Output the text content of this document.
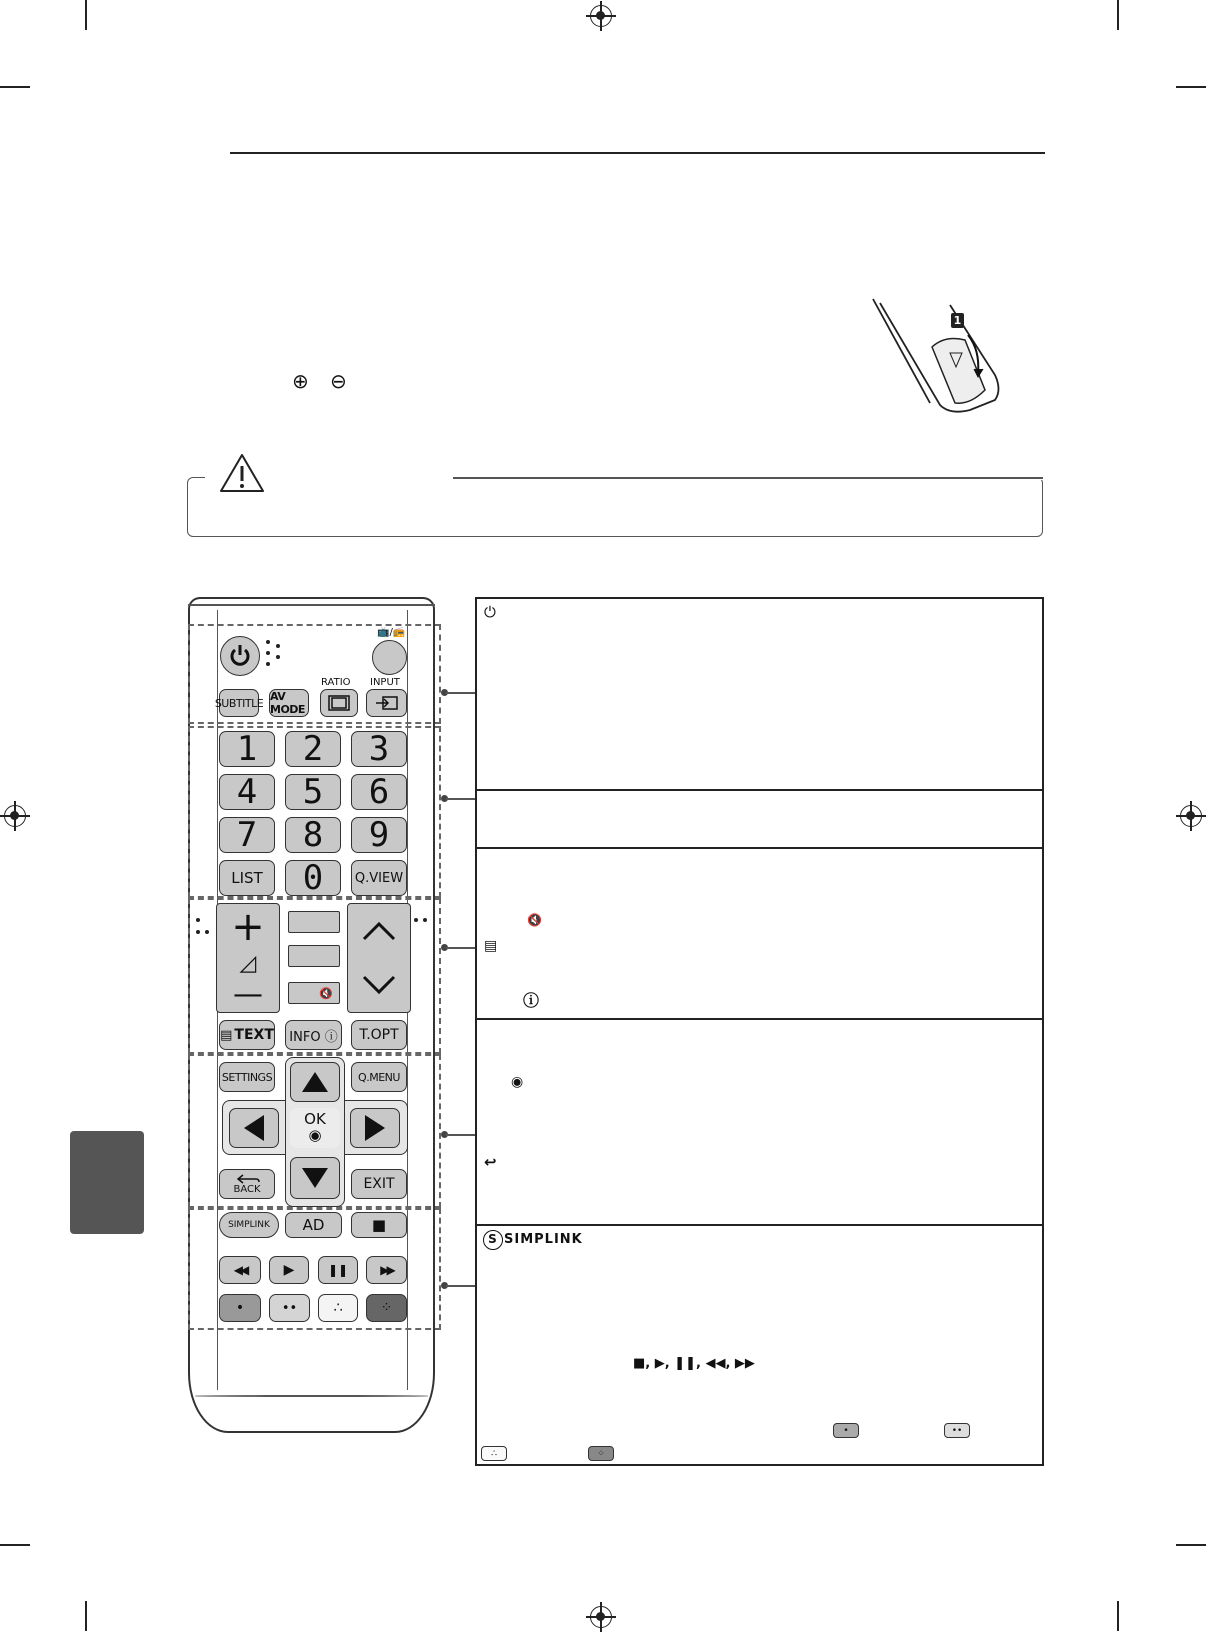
⊕ ⊖
1
📺/📻
SUBTITLE AV MODE
RATIO INPUT
1	2	3
4	5	6
7	8	9
LIST	0	Q.VIEW
+
◿
—	🔇
▤ TEXT	INFO ⓘ	T.OPT
SETTINGS	Q.MENU
OK
◉
BACK	EXIT
SIMPLINK	AD	■
◀◀	▶	❚❚	▶▶
•	••	∴	⁘
⏻
🔇
▤
ⓘ
◉
↩
S SIMPLINK
■, ▶, ❚❚, ◀◀, ▶▶
•	••
∴	⁘
